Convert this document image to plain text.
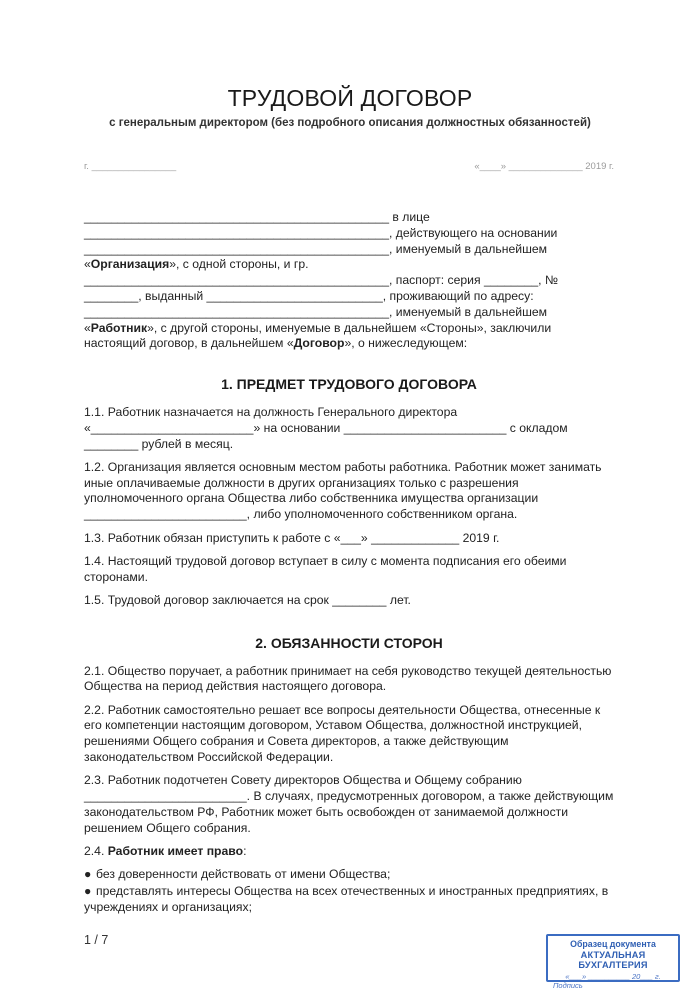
ТРУДОВОЙ ДОГОВОР
с генеральным директором (без подробного описания должностных обязанностей)
г. ________________	«____» ______________ 2019 г.
_____________________________________________ в лице
_____________________________________________, действующего на основании
_____________________________________________, именуемый в дальнейшем
«Организация», с одной стороны, и гр.
_____________________________________________, паспорт: серия ________, №
________, выданный __________________________, проживающий по адресу:
_____________________________________________, именуемый в дальнейшем
«Работник», с другой стороны, именуемые в дальнейшем «Стороны», заключили настоящий договор, в дальнейшем «Договор», о нижеследующем:
1. ПРЕДМЕТ ТРУДОВОГО ДОГОВОРА

1.1. Работник назначается на должность Генерального директора «________________________» на основании ________________________ с окладом ________ рублей в месяц.

1.2. Организация является основным местом работы работника. Работник может занимать иные оплачиваемые должности в других организациях только с разрешения уполномоченного органа Общества либо собственника имущества организации ________________________, либо уполномоченного собственником органа.

1.3. Работник обязан приступить к работе с «___» _____________ 2019 г.

1.4. Настоящий трудовой договор вступает в силу с момента подписания его обеими сторонами.

1.5. Трудовой договор заключается на срок ________ лет.

2. ОБЯЗАННОСТИ СТОРОН

2.1. Общество поручает, а работник принимает на себя руководство текущей деятельностью Общества на период действия настоящего договора.

2.2. Работник самостоятельно решает все вопросы деятельности Общества, отнесенные к его компетенции настоящим договором, Уставом Общества, должностной инструкцией, решениями Общего собрания и Совета директоров, а также действующим законодательством Российской Федерации.

2.3. Работник подотчетен Совету директоров Общества и Общему собранию ________________________. В случаях, предусмотренных договором, а также действующим законодательством РФ, Работник может быть освобожден от занимаемой должности решением Общего собрания.

2.4. Работник имеет право:

● без доверенности действовать от имени Общества;
● представлять интересы Общества на всех отечественных и иностранных предприятиях, в учреждениях и организациях;
1 / 7	Образец документа
АКТУАЛЬНАЯ БУХГАЛТЕРИЯ
«___» __________ 20___ г.
Подпись
